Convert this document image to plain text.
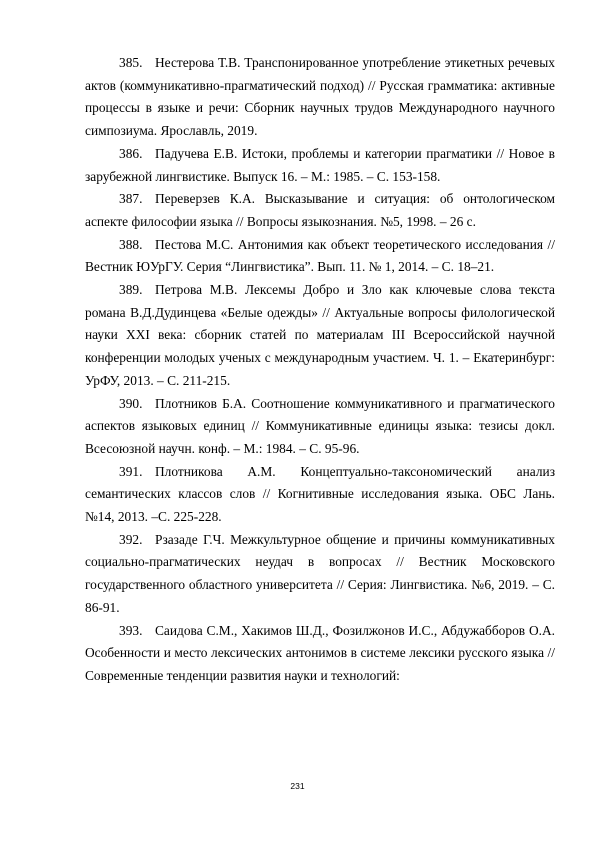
385. Нестерова Т.В. Транспонированное употребление этикетных речевых актов (коммуникативно-прагматический подход) // Русская грамматика: активные процессы в языке и речи: Сборник научных трудов Международного научного симпозиума. Ярославль, 2019.

386. Падучева Е.В. Истоки, проблемы и категории прагматики // Новое в зарубежной лингвистике. Выпуск 16. – М.: 1985. – С. 153-158.

387. Переверзев К.А. Высказывание и ситуация: об онтологическом аспекте философии языка // Вопросы языкознания. №5, 1998. – 26 с.

388. Пестова М.С. Антонимия как объект теоретического исследования // Вестник ЮУрГУ. Серия “Лингвистика”. Вып. 11. № 1, 2014. – С. 18–21.

389. Петрова М.В. Лексемы Добро и Зло как ключевые слова текста романа В.Д.Дудинцева «Белые одежды» // Актуальные вопросы филологической науки XXI века: сборник статей по материалам III Всероссийской научной конференции молодых ученых с международным участием. Ч. 1. – Екатеринбург: УрФУ, 2013. – С. 211-215.

390. Плотников Б.А. Соотношение коммуникативного и прагматического аспектов языковых единиц // Коммуникативные единицы языка: тезисы докл. Всесоюзной научн. конф. – М.: 1984. – С. 95-96.

391. Плотникова А.М. Концептуально-таксономический анализ семантических классов слов // Когнитивные исследования языка. ОБС Лань. №14, 2013. –С. 225-228.

392. Рзазаде Г.Ч. Межкультурное общение и причины коммуникативных социально-прагматических неудач в вопросах // Вестник Московского государственного областного университета // Серия: Лингвистика. №6, 2019. – С. 86-91.

393. Саидова С.М., Хакимов Ш.Д., Фозилжонов И.С., Абдужабборов О.А. Особенности и место лексических антонимов в системе лексики русского языка // Современные тенденции развития науки и технологий:

231
